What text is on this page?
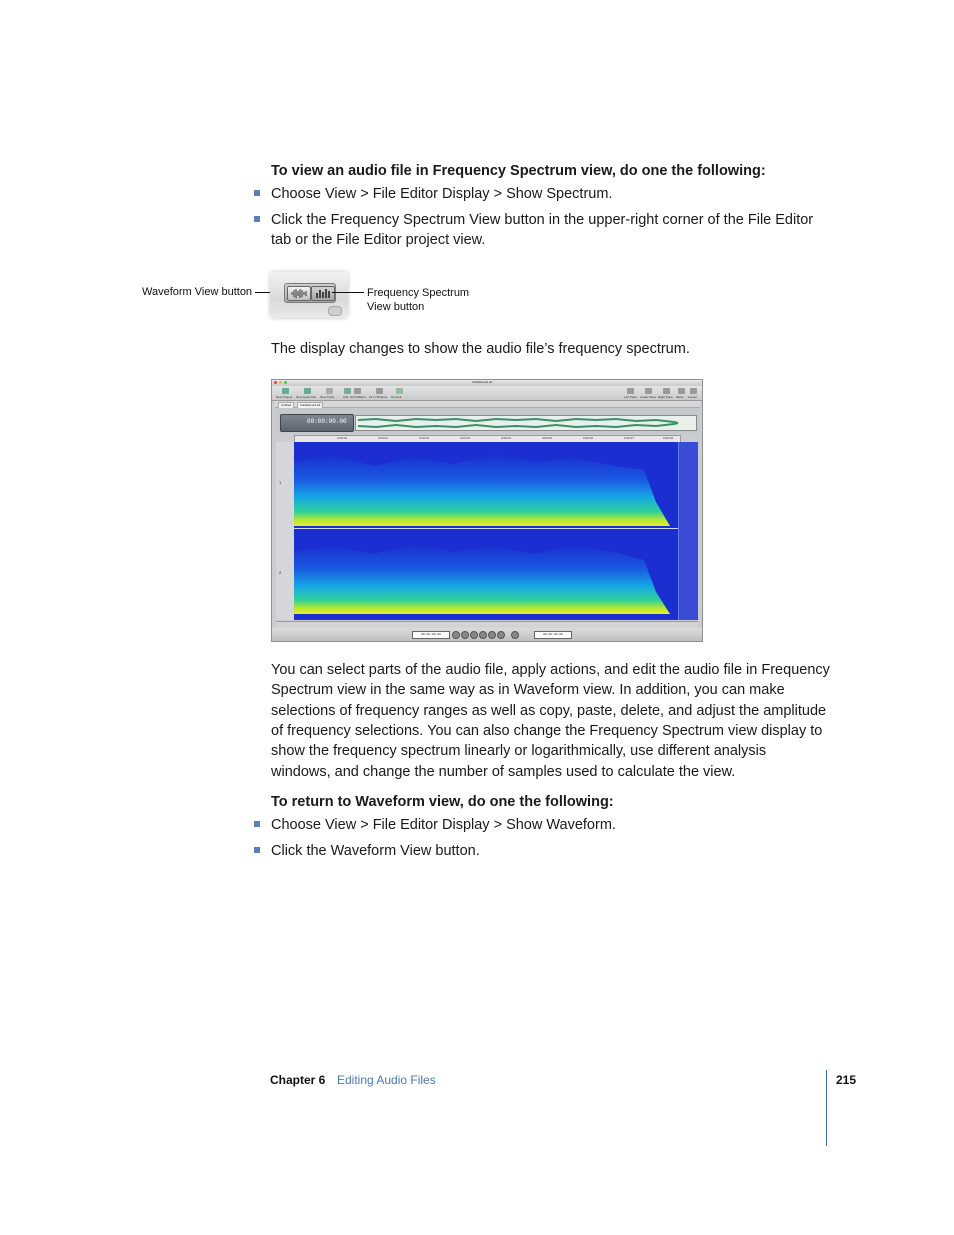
To view an audio file in Frequency Spectrum view, do one the following:
Choose View > File Editor Display > Show Spectrum.
Click the Frequency Spectrum View button in the upper-right corner of the File Editor
tab or the File Editor project view.
Waveform View button	Frequency Spectrum
View button
The display changes to show the audio file’s frequency spectrum.
ClickRecord.aif
New Project New Audio File New Track	Add Grid Marker Fit in Window Commit	Left Pane Lower Pane Right Pane Meter Layout
Untitled	ClickRecord.aif
00:00:00.00
0:00:00	0:00:01	0:00:02	0:00:03	0:00:04	0:00:05	0:00:06	0:00:07	0:00:08
1
2
00:00:00.00	00:00:00.00
You can select parts of the audio file, apply actions, and edit the audio file in Frequency
Spectrum view in the same way as in Waveform view. In addition, you can make
selections of frequency ranges as well as copy, paste, delete, and adjust the amplitude
of frequency selections. You can also change the Frequency Spectrum view display to
show the frequency spectrum linearly or logarithmically, use different analysis
windows, and change the number of samples used to calculate the view.
To return to Waveform view, do one the following:
Choose View > File Editor Display > Show Waveform.
Click the Waveform View button.
Chapter 6 Editing Audio Files	215
